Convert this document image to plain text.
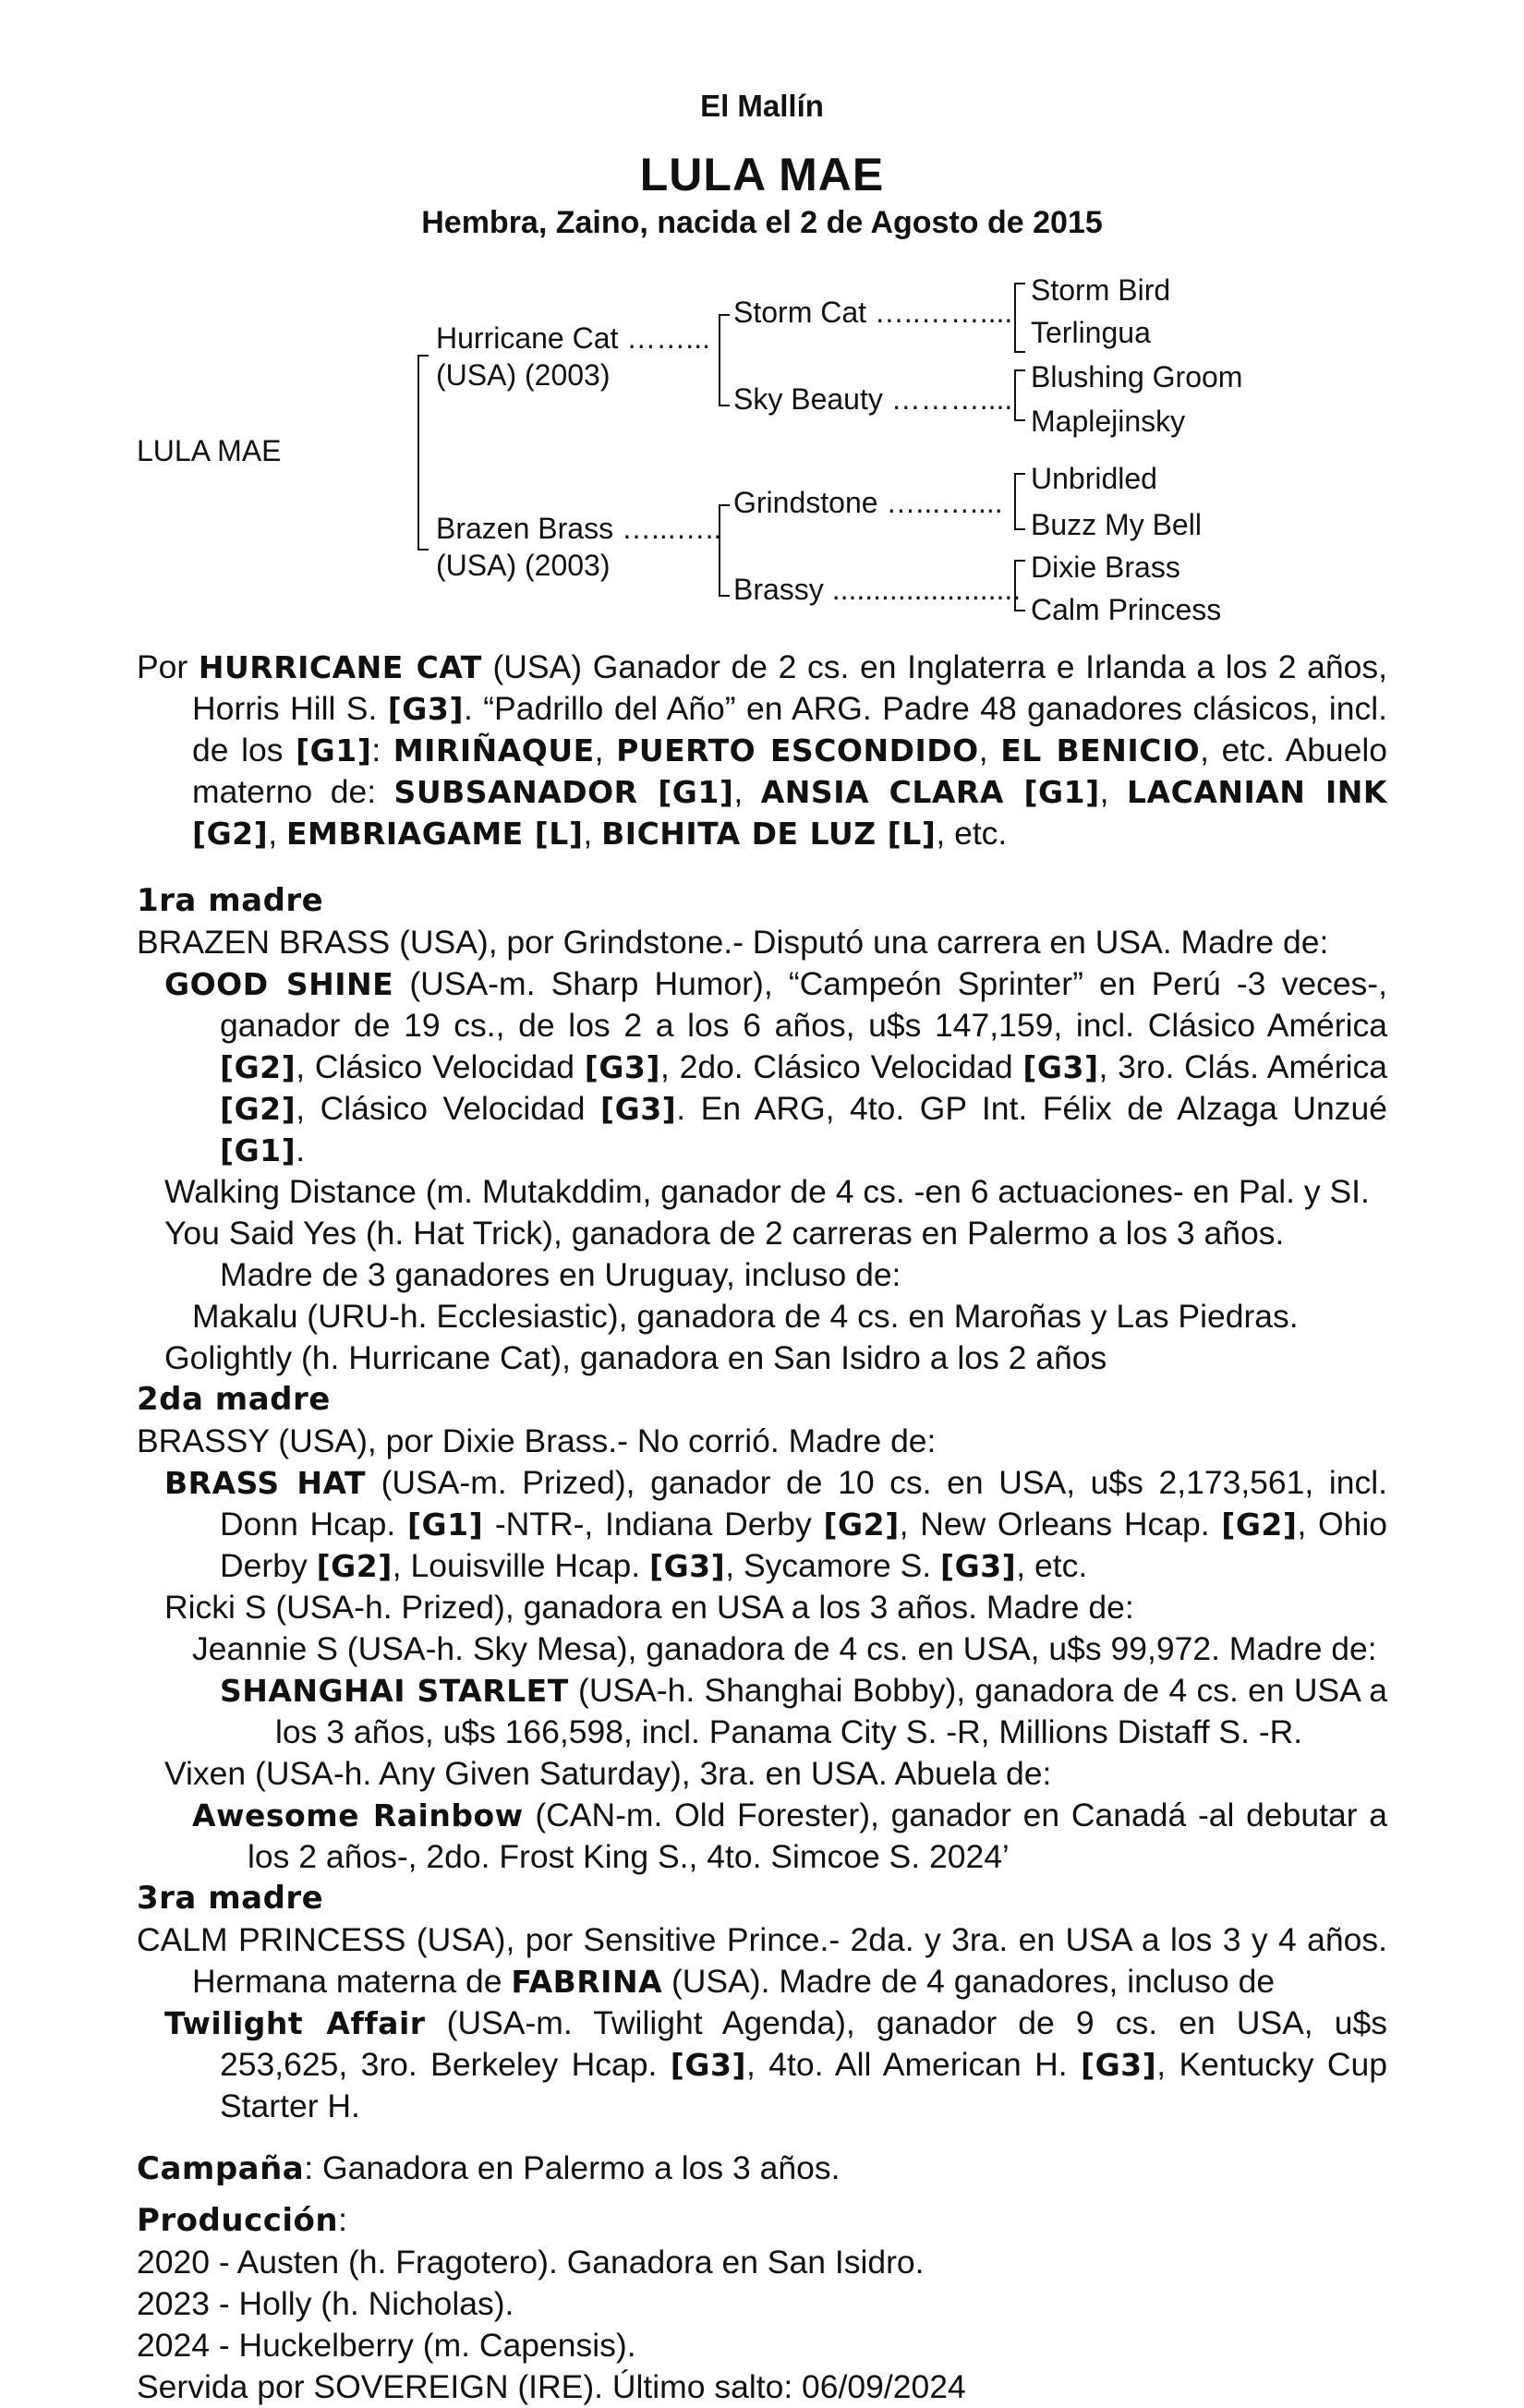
El Mallín
LULA MAE
Hembra, Zaino, nacida el 2 de Agosto de 2015
LULA MAE
Hurricane Cat ……...
(USA) (2003)
Brazen Brass …...…..
(USA) (2003)
Storm Cat …..……....
Sky Beauty ………....
Grindstone …...…....
Brassy .......................
Storm Bird
Terlingua
Blushing Groom
Maplejinsky
Unbridled
Buzz My Bell
Dixie Brass
Calm Princess

Por HURRICANE CAT (USA) Ganador de 2 cs. en Inglaterra e Irlanda a los 2 años, Horris Hill S. [G3]. “Padrillo del Año” en ARG. Padre 48 ganadores clásicos, incl. de los [G1]: MIRIÑAQUE, PUERTO ESCONDIDO, EL BENICIO, etc. Abuelo materno de: SUBSANADOR [G1], ANSIA CLARA [G1], LACANIAN INK [G2], EMBRIAGAME [L], BICHITA DE LUZ [L], etc.

1ra madre

BRAZEN BRASS (USA), por Grindstone.- Disputó una carrera en USA. Madre de:

GOOD SHINE (USA-m. Sharp Humor), “Campeón Sprinter” en Perú -3 veces-, ganador de 19 cs., de los 2 a los 6 años, u$s 147,159, incl. Clásico América [G2], Clásico Velocidad [G3], 2do. Clásico Velocidad [G3], 3ro. Clás. América [G2], Clásico Velocidad [G3]. En ARG, 4to. GP Int. Félix de Alzaga Unzué [G1].

Walking Distance (m. Mutakddim, ganador de 4 cs. -en 6 actuaciones- en Pal. y SI.

You Said Yes (h. Hat Trick), ganadora de 2 carreras en Palermo a los 3 años.

Madre de 3 ganadores en Uruguay, incluso de:

Makalu (URU-h. Ecclesiastic), ganadora de 4 cs. en Maroñas y Las Piedras.

Golightly (h. Hurricane Cat), ganadora en San Isidro a los 2 años

2da madre

BRASSY (USA), por Dixie Brass.- No corrió. Madre de:

BRASS HAT (USA-m. Prized), ganador de 10 cs. en USA, u$s 2,173,561, incl. Donn Hcap. [G1] -NTR-, Indiana Derby [G2], New Orleans Hcap. [G2], Ohio Derby [G2], Louisville Hcap. [G3], Sycamore S. [G3], etc.

Ricki S (USA-h. Prized), ganadora en USA a los 3 años. Madre de:

Jeannie S (USA-h. Sky Mesa), ganadora de 4 cs. en USA, u$s 99,972. Madre de:

SHANGHAI STARLET (USA-h. Shanghai Bobby), ganadora de 4 cs. en USA a los 3 años, u$s 166,598, incl. Panama City S. -R, Millions Distaff S. -R.

Vixen (USA-h. Any Given Saturday), 3ra. en USA. Abuela de:

Awesome Rainbow (CAN-m. Old Forester), ganador en Canadá -al debutar a los 2 años-, 2do. Frost King S., 4to. Simcoe S. 2024’

3ra madre

CALM PRINCESS (USA), por Sensitive Prince.- 2da. y 3ra. en USA a los 3 y 4 años. Hermana materna de FABRINA (USA). Madre de 4 ganadores, incluso de

Twilight Affair (USA-m. Twilight Agenda), ganador de 9 cs. en USA, u$s 253,625, 3ro. Berkeley Hcap. [G3], 4to. All American H. [G3], Kentucky Cup Starter H.

Campaña: Ganadora en Palermo a los 3 años.

Producción:

2020 - Austen (h. Fragotero). Ganadora en San Isidro.

2023 - Holly (h. Nicholas).

2024 - Huckelberry (m. Capensis).

Servida por SOVEREIGN (IRE). Último salto: 06/09/2024
